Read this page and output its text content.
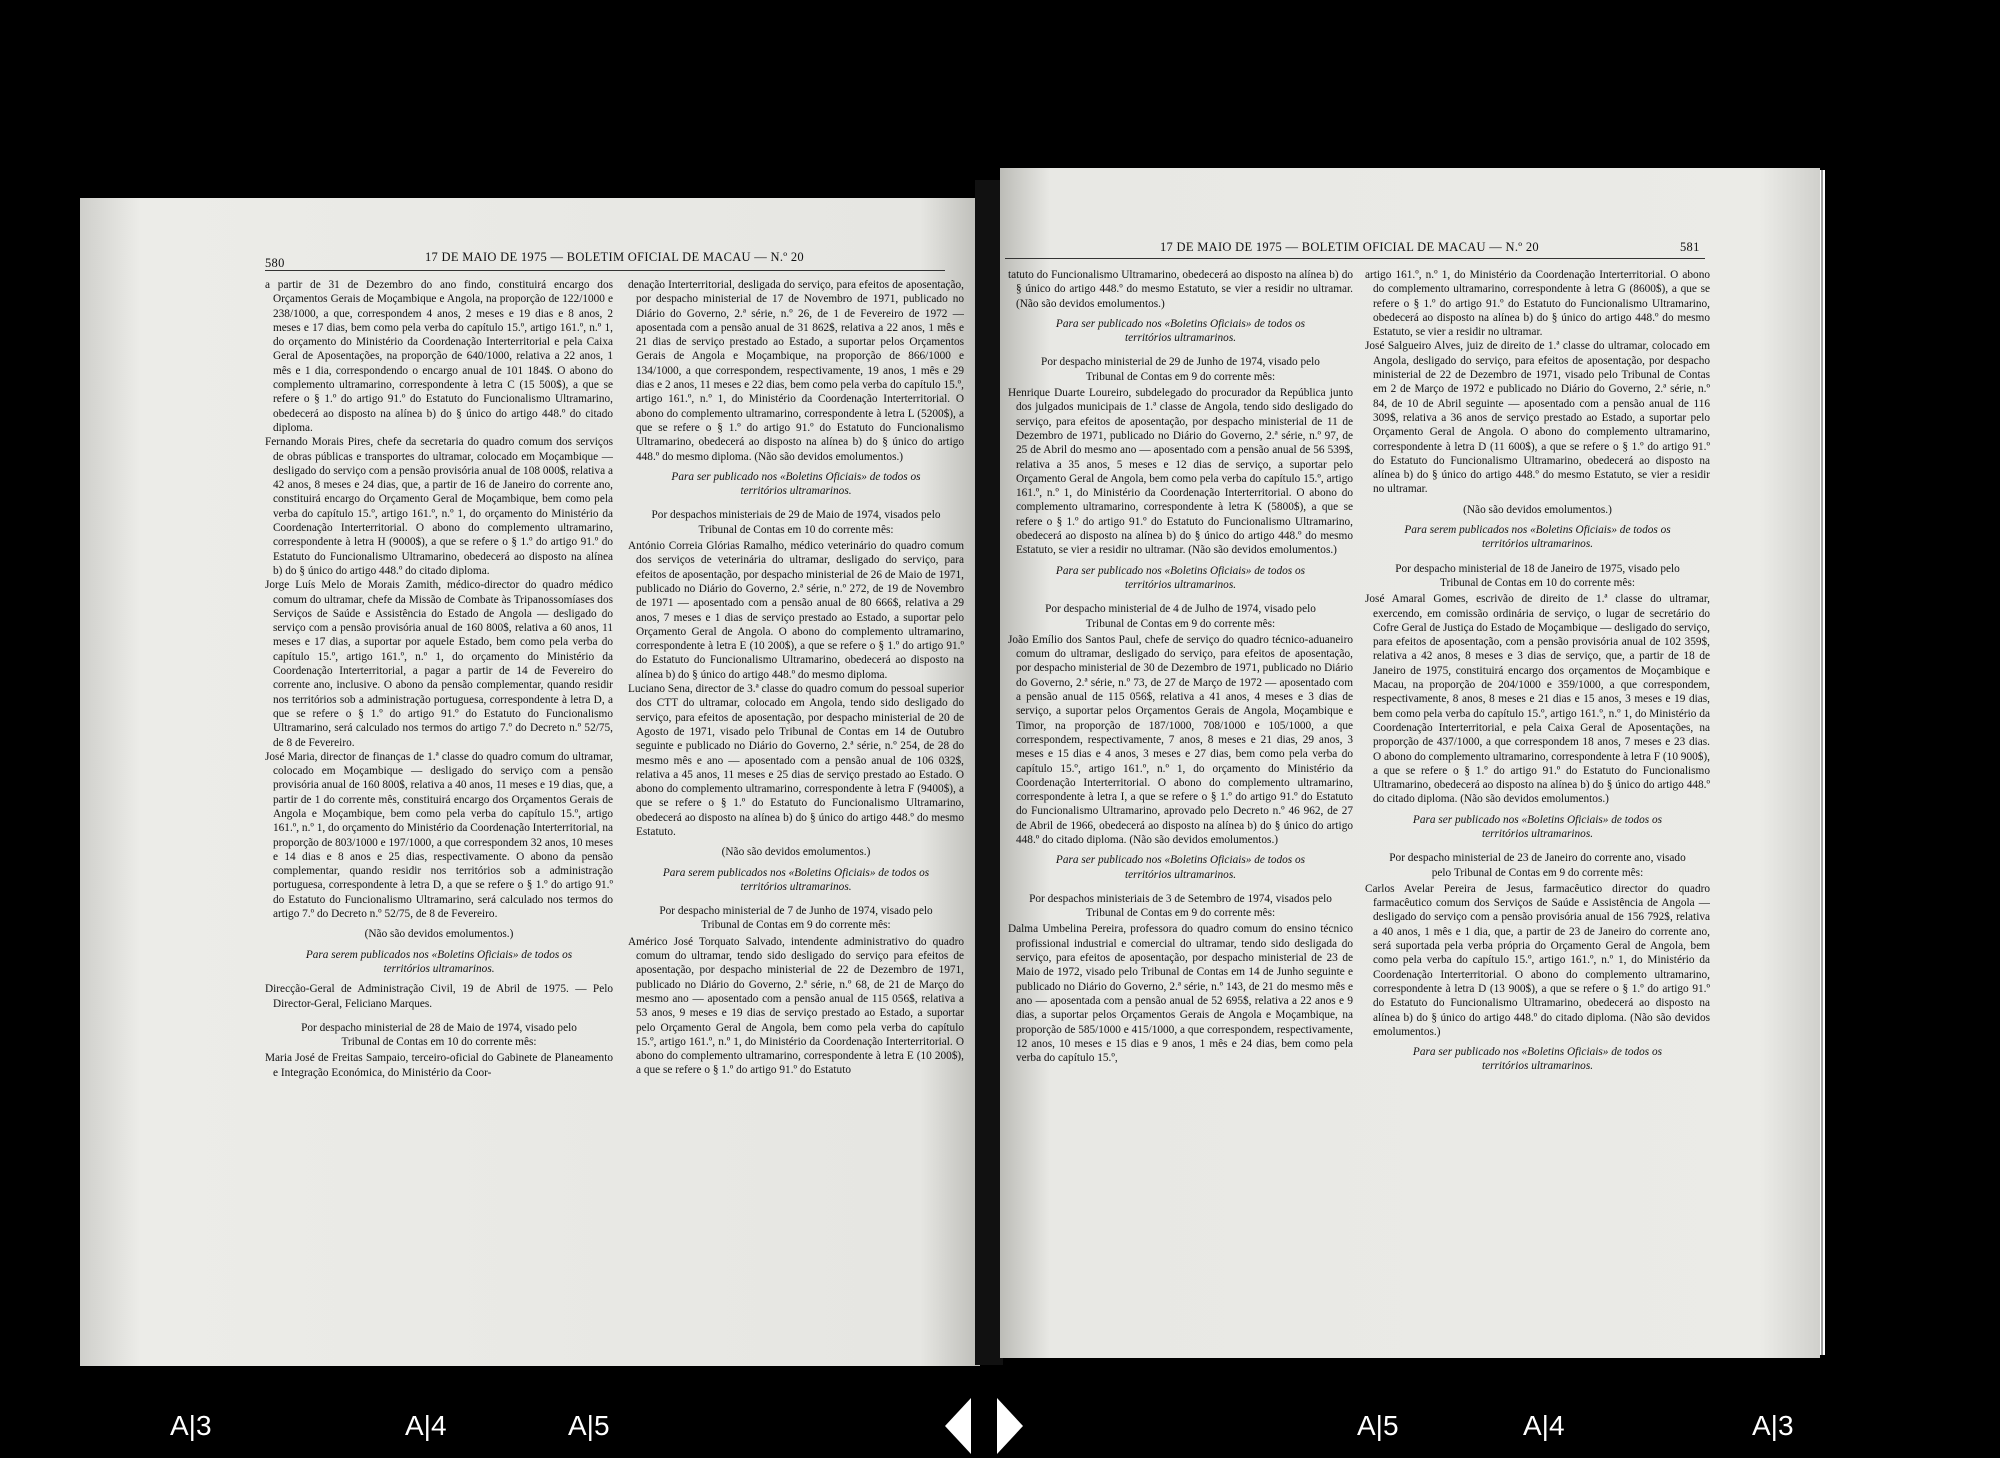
580	17 DE MAIO DE 1975 — BOLETIM OFICIAL DE MACAU — N.º 20

a partir de 31 de Dezembro do ano findo, constituirá encargo dos Orçamentos Gerais de Moçambique e Angola, na proporção de 122/1000 e 238/1000, a que, correspondem 4 anos, 2 meses e 19 dias e 8 anos, 2 meses e 17 dias, bem como pela verba do capítulo 15.º, artigo 161.º, n.º 1, do orçamento do Ministério da Coordenação Interterritorial e pela Caixa Geral de Aposentações, na proporção de 640/1000, relativa a 22 anos, 1 mês e 1 dia, correspondendo o encargo anual de 101 184$. O abono do complemento ultramarino, correspondente à letra C (15 500$), a que se refere o § 1.º do artigo 91.º do Estatuto do Funcionalismo Ultramarino, obedecerá ao disposto na alínea b) do § único do artigo 448.º do citado diploma.

Fernando Morais Pires, chefe da secretaria do quadro comum dos serviços de obras públicas e transportes do ultramar, colocado em Moçambique — desligado do serviço com a pensão provisória anual de 108 000$, relativa a 42 anos, 8 meses e 24 dias, que, a partir de 16 de Janeiro do corrente ano, constituirá encargo do Orçamento Geral de Moçambique, bem como pela verba do capítulo 15.º, artigo 161.º, n.º 1, do orçamento do Ministério da Coordenação Interterritorial. O abono do complemento ultramarino, correspondente à letra H (9000$), a que se refere o § 1.º do artigo 91.º do Estatuto do Funcionalismo Ultramarino, obedecerá ao disposto na alínea b) do § único do artigo 448.º do citado diploma.

Jorge Luís Melo de Morais Zamith, médico-director do quadro médico comum do ultramar, chefe da Missão de Combate às Tripanossomíases dos Serviços de Saúde e Assistência do Estado de Angola — desligado do serviço com a pensão provisória anual de 160 800$, relativa a 60 anos, 11 meses e 17 dias, a suportar por aquele Estado, bem como pela verba do capítulo 15.º, artigo 161.º, n.º 1, do orçamento do Ministério da Coordenação Interterritorial, a pagar a partir de 14 de Fevereiro do corrente ano, inclusive. O abono da pensão complementar, quando residir nos territórios sob a administração portuguesa, correspondente à letra D, a que se refere o § 1.º do artigo 91.º do Estatuto do Funcionalismo Ultramarino, será calculado nos termos do artigo 7.º do Decreto n.º 52/75, de 8 de Fevereiro.

José Maria, director de finanças de 1.ª classe do quadro comum do ultramar, colocado em Moçambique — desligado do serviço com a pensão provisória anual de 160 800$, relativa a 40 anos, 11 meses e 19 dias, que, a partir de 1 do corrente mês, constituirá encargo dos Orçamentos Gerais de Angola e Moçambique, bem como pela verba do capítulo 15.º, artigo 161.º, n.º 1, do orçamento do Ministério da Coordenação Interterritorial, na proporção de 803/1000 e 197/1000, a que correspondem 32 anos, 10 meses e 14 dias e 8 anos e 25 dias, respectivamente. O abono da pensão complementar, quando residir nos territórios sob a administração portuguesa, correspondente à letra D, a que se refere o § 1.º do artigo 91.º do Estatuto do Funcionalismo Ultramarino, será calculado nos termos do artigo 7.º do Decreto n.º 52/75, de 8 de Fevereiro.

(Não são devidos emolumentos.)

Para serem publicados nos «Boletins Oficiais» de todos os territórios ultramarinos.

Direcção-Geral de Administração Civil, 19 de Abril de 1975. — Pelo Director-Geral, Feliciano Marques.

Por despacho ministerial de 28 de Maio de 1974, visado pelo Tribunal de Contas em 10 do corrente mês:

Maria José de Freitas Sampaio, terceiro-oficial do Gabinete de Planeamento e Integração Económica, do Ministério da Coor-

denação Interterritorial, desligada do serviço, para efeitos de aposentação, por despacho ministerial de 17 de Novembro de 1971, publicado no Diário do Governo, 2.ª série, n.º 26, de 1 de Fevereiro de 1972 — aposentada com a pensão anual de 31 862$, relativa a 22 anos, 1 mês e 21 dias de serviço prestado ao Estado, a suportar pelos Orçamentos Gerais de Angola e Moçambique, na proporção de 866/1000 e 134/1000, a que correspondem, respectivamente, 19 anos, 1 mês e 29 dias e 2 anos, 11 meses e 22 dias, bem como pela verba do capítulo 15.º, artigo 161.º, n.º 1, do Ministério da Coordenação Interterritorial. O abono do complemento ultramarino, correspondente à letra L (5200$), a que se refere o § 1.º do artigo 91.º do Estatuto do Funcionalismo Ultramarino, obedecerá ao disposto na alínea b) do § único do artigo 448.º do mesmo diploma. (Não são devidos emolumentos.)

Para ser publicado nos «Boletins Oficiais» de todos os territórios ultramarinos.

Por despachos ministeriais de 29 de Maio de 1974, visados pelo Tribunal de Contas em 10 do corrente mês:

António Correia Glórias Ramalho, médico veterinário do quadro comum dos serviços de veterinária do ultramar, desligado do serviço, para efeitos de aposentação, por despacho ministerial de 26 de Maio de 1971, publicado no Diário do Governo, 2.ª série, n.º 272, de 19 de Novembro de 1971 — aposentado com a pensão anual de 80 666$, relativa a 29 anos, 7 meses e 1 dias de serviço prestado ao Estado, a suportar pelo Orçamento Geral de Angola. O abono do complemento ultramarino, correspondente à letra E (10 200$), a que se refere o § 1.º do artigo 91.º do Estatuto do Funcionalismo Ultramarino, obedecerá ao disposto na alínea b) do § único do artigo 448.º do mesmo diploma.

Luciano Sena, director de 3.ª classe do quadro comum do pessoal superior dos CTT do ultramar, colocado em Angola, tendo sido desligado do serviço, para efeitos de aposentação, por despacho ministerial de 20 de Agosto de 1971, visado pelo Tribunal de Contas em 14 de Outubro seguinte e publicado no Diário do Governo, 2.ª série, n.º 254, de 28 do mesmo mês e ano — aposentado com a pensão anual de 106 032$, relativa a 45 anos, 11 meses e 25 dias de serviço prestado ao Estado. O abono do complemento ultramarino, correspondente à letra F (9400$), a que se refere o § 1.º do Estatuto do Funcionalismo Ultramarino, obedecerá ao disposto na alínea b) do § único do artigo 448.º do mesmo Estatuto.

(Não são devidos emolumentos.)

Para serem publicados nos «Boletins Oficiais» de todos os territórios ultramarinos.

Por despacho ministerial de 7 de Junho de 1974, visado pelo Tribunal de Contas em 9 do corrente mês:

Américo José Torquato Salvado, intendente administrativo do quadro comum do ultramar, tendo sido desligado do serviço para efeitos de aposentação, por despacho ministerial de 22 de Dezembro de 1971, publicado no Diário do Governo, 2.ª série, n.º 68, de 21 de Março do mesmo ano — aposentado com a pensão anual de 115 056$, relativa a 53 anos, 9 meses e 19 dias de serviço prestado ao Estado, a suportar pelo Orçamento Geral de Angola, bem como pela verba do capítulo 15.º, artigo 161.º, n.º 1, do Ministério da Coordenação Interterritorial. O abono do complemento ultramarino, correspondente à letra E (10 200$), a que se refere o § 1.º do artigo 91.º do Estatuto

17 DE MAIO DE 1975 — BOLETIM OFICIAL DE MACAU — N.º 20	581

tatuto do Funcionalismo Ultramarino, obedecerá ao disposto na alínea b) do § único do artigo 448.º do mesmo Estatuto, se vier a residir no ultramar. (Não são devidos emolumentos.)

Para ser publicado nos «Boletins Oficiais» de todos os territórios ultramarinos.

Por despacho ministerial de 29 de Junho de 1974, visado pelo Tribunal de Contas em 9 do corrente mês:

Henrique Duarte Loureiro, subdelegado do procurador da República junto dos julgados municipais de 1.ª classe de Angola, tendo sido desligado do serviço, para efeitos de aposentação, por despacho ministerial de 11 de Dezembro de 1971, publicado no Diário do Governo, 2.ª série, n.º 97, de 25 de Abril do mesmo ano — aposentado com a pensão anual de 56 539$, relativa a 35 anos, 5 meses e 12 dias de serviço, a suportar pelo Orçamento Geral de Angola, bem como pela verba do capítulo 15.º, artigo 161.º, n.º 1, do Ministério da Coordenação Interterritorial. O abono do complemento ultramarino, correspondente à letra K (5800$), a que se refere o § 1.º do artigo 91.º do Estatuto do Funcionalismo Ultramarino, obedecerá ao disposto na alínea b) do § único do artigo 448.º do mesmo Estatuto, se vier a residir no ultramar. (Não são devidos emolumentos.)

Para ser publicado nos «Boletins Oficiais» de todos os territórios ultramarinos.

Por despacho ministerial de 4 de Julho de 1974, visado pelo Tribunal de Contas em 9 do corrente mês:

João Emílio dos Santos Paul, chefe de serviço do quadro técnico-aduaneiro comum do ultramar, desligado do serviço, para efeitos de aposentação, por despacho ministerial de 30 de Dezembro de 1971, publicado no Diário do Governo, 2.ª série, n.º 73, de 27 de Março de 1972 — aposentado com a pensão anual de 115 056$, relativa a 41 anos, 4 meses e 3 dias de serviço, a suportar pelos Orçamentos Gerais de Angola, Moçambique e Timor, na proporção de 187/1000, 708/1000 e 105/1000, a que correspondem, respectivamente, 7 anos, 8 meses e 21 dias, 29 anos, 3 meses e 15 dias e 4 anos, 3 meses e 27 dias, bem como pela verba do capítulo 15.º, artigo 161.º, n.º 1, do orçamento do Ministério da Coordenação Interterritorial. O abono do complemento ultramarino, correspondente à letra I, a que se refere o § 1.º do artigo 91.º do Estatuto do Funcionalismo Ultramarino, aprovado pelo Decreto n.º 46 962, de 27 de Abril de 1966, obedecerá ao disposto na alínea b) do § único do artigo 448.º do citado diploma. (Não são devidos emolumentos.)

Para ser publicado nos «Boletins Oficiais» de todos os territórios ultramarinos.

Por despachos ministeriais de 3 de Setembro de 1974, visados pelo Tribunal de Contas em 9 do corrente mês:

Dalma Umbelina Pereira, professora do quadro comum do ensino técnico profissional industrial e comercial do ultramar, tendo sido desligada do serviço, para efeitos de aposentação, por despacho ministerial de 23 de Maio de 1972, visado pelo Tribunal de Contas em 14 de Junho seguinte e publicado no Diário do Governo, 2.ª série, n.º 143, de 21 do mesmo mês e ano — aposentada com a pensão anual de 52 695$, relativa a 22 anos e 9 dias, a suportar pelos Orçamentos Gerais de Angola e Moçambique, na proporção de 585/1000 e 415/1000, a que correspondem, respectivamente, 12 anos, 10 meses e 15 dias e 9 anos, 1 mês e 24 dias, bem como pela verba do capítulo 15.º,

artigo 161.º, n.º 1, do Ministério da Coordenação Interterritorial. O abono do complemento ultramarino, correspondente à letra G (8600$), a que se refere o § 1.º do artigo 91.º do Estatuto do Funcionalismo Ultramarino, obedecerá ao disposto na alínea b) do § único do artigo 448.º do mesmo Estatuto, se vier a residir no ultramar.

José Salgueiro Alves, juiz de direito de 1.ª classe do ultramar, colocado em Angola, desligado do serviço, para efeitos de aposentação, por despacho ministerial de 22 de Dezembro de 1971, visado pelo Tribunal de Contas em 2 de Março de 1972 e publicado no Diário do Governo, 2.ª série, n.º 84, de 10 de Abril seguinte — aposentado com a pensão anual de 116 309$, relativa a 36 anos de serviço prestado ao Estado, a suportar pelo Orçamento Geral de Angola. O abono do complemento ultramarino, correspondente à letra D (11 600$), a que se refere o § 1.º do artigo 91.º do Estatuto do Funcionalismo Ultramarino, obedecerá ao disposto na alínea b) do § único do artigo 448.º do mesmo Estatuto, se vier a residir no ultramar.

(Não são devidos emolumentos.)

Para serem publicados nos «Boletins Oficiais» de todos os territórios ultramarinos.

Por despacho ministerial de 18 de Janeiro de 1975, visado pelo Tribunal de Contas em 10 do corrente mês:

José Amaral Gomes, escrivão de direito de 1.ª classe do ultramar, exercendo, em comissão ordinária de serviço, o lugar de secretário do Cofre Geral de Justiça do Estado de Moçambique — desligado do serviço, para efeitos de aposentação, com a pensão provisória anual de 102 359$, relativa a 42 anos, 8 meses e 3 dias de serviço, que, a partir de 18 de Janeiro de 1975, constituirá encargo dos orçamentos de Moçambique e Macau, na proporção de 204/1000 e 359/1000, a que correspondem, respectivamente, 8 anos, 8 meses e 21 dias e 15 anos, 3 meses e 19 dias, bem como pela verba do capítulo 15.º, artigo 161.º, n.º 1, do Ministério da Coordenação Interterritorial, e pela Caixa Geral de Aposentações, na proporção de 437/1000, a que correspondem 18 anos, 7 meses e 23 dias. O abono do complemento ultramarino, correspondente à letra F (10 900$), a que se refere o § 1.º do artigo 91.º do Estatuto do Funcionalismo Ultramarino, obedecerá ao disposto na alínea b) do § único do artigo 448.º do citado diploma. (Não são devidos emolumentos.)

Para ser publicado nos «Boletins Oficiais» de todos os territórios ultramarinos.

Por despacho ministerial de 23 de Janeiro do corrente ano, visado pelo Tribunal de Contas em 9 do corrente mês:

Carlos Avelar Pereira de Jesus, farmacêutico director do quadro farmacêutico comum dos Serviços de Saúde e Assistência de Angola — desligado do serviço com a pensão provisória anual de 156 792$, relativa a 40 anos, 1 mês e 1 dia, que, a partir de 23 de Janeiro do corrente ano, será suportada pela verba própria do Orçamento Geral de Angola, bem como pela verba do capítulo 15.º, artigo 161.º, n.º 1, do Ministério da Coordenação Interterritorial. O abono do complemento ultramarino, correspondente à letra D (13 900$), a que se refere o § 1.º do artigo 91.º do Estatuto do Funcionalismo Ultramarino, obedecerá ao disposto na alínea b) do § único do artigo 448.º do citado diploma. (Não são devidos emolumentos.)

Para ser publicado nos «Boletins Oficiais» de todos os territórios ultramarinos.

A|3	A|4	A|5	A|5	A|4	A|3
